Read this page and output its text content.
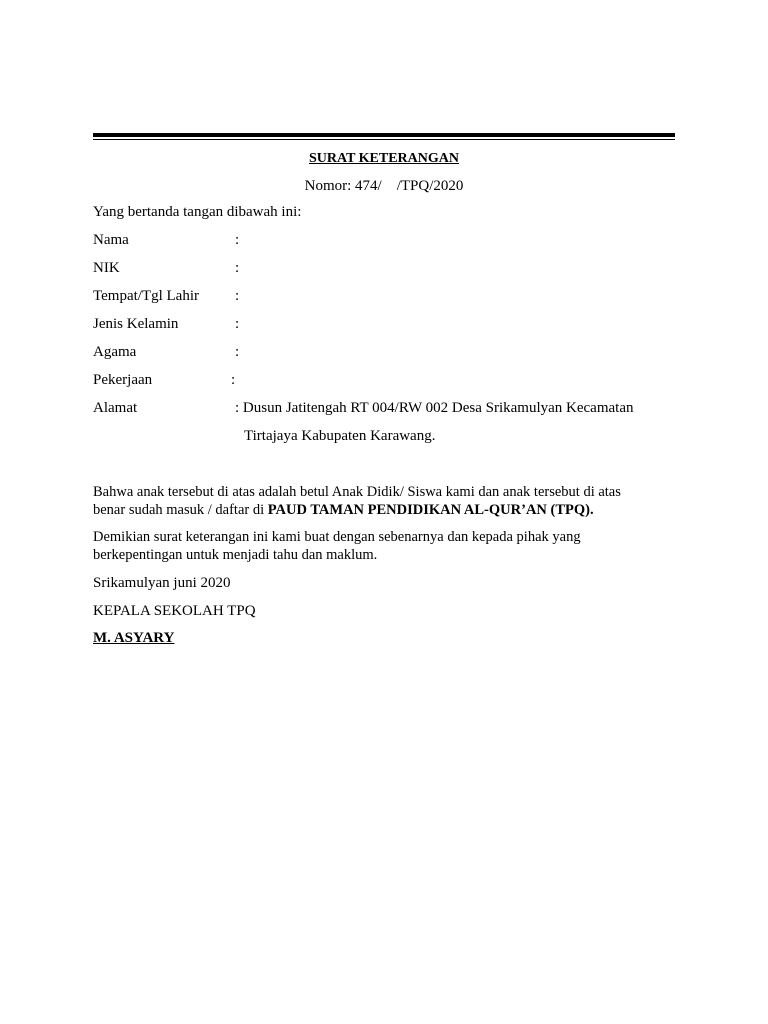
SURAT KETERANGAN
Nomor: 474/    /TPQ/2020
Yang bertanda tangan dibawah ini:
Nama	:
NIK	:
Tempat/Tgl Lahir :
Jenis Kelamin	:
Agama	:
Pekerjaan	:
Alamat	: Dusun Jatitengah RT 004/RW 002 Desa Srikamulyan Kecamatan
Tirtajaya Kabupaten Karawang.
Bahwa anak tersebut di atas adalah betul Anak Didik/ Siswa kami dan anak tersebut di atas
benar sudah masuk / daftar di PAUD TAMAN PENDIDIKAN AL-QUR’AN (TPQ).
Demikian surat keterangan ini kami buat dengan sebenarnya dan kepada pihak yang
berkepentingan untuk menjadi tahu dan maklum.
Srikamulyan juni 2020
KEPALA SEKOLAH TPQ
M. ASYARY
